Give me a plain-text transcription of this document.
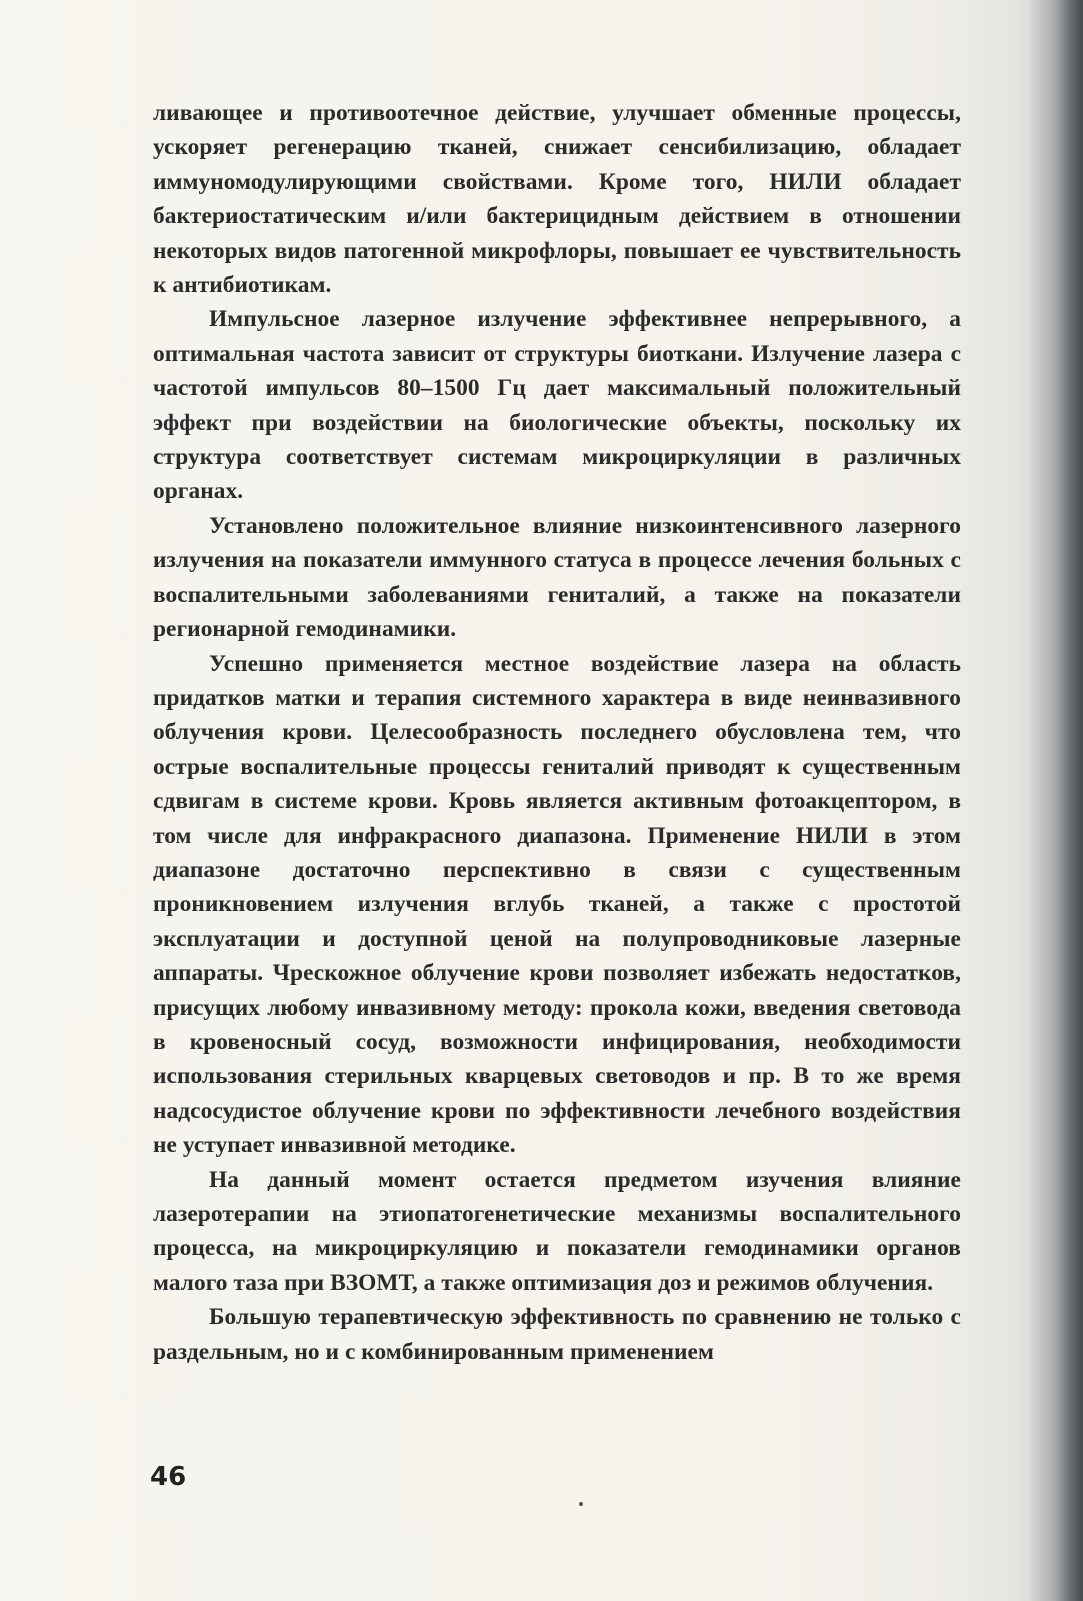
ливающее и противоотечное действие, улучшает обменные процессы, ускоряет регенерацию тканей, снижает сенсибилизацию, обладает иммуномодулирующими свойствами. Кроме того, НИЛИ обладает бактериостатическим и/или бактерицидным действием в отношении некоторых видов патогенной микрофлоры, повышает ее чувствительность к антибиотикам.

Импульсное лазерное излучение эффективнее непрерывного, а оптимальная частота зависит от структуры биоткани. Излучение лазера с частотой импульсов 80–1500 Гц дает максимальный положительный эффект при воздействии на биологические объекты, поскольку их структура соответствует системам микроциркуляции в различных органах.

Установлено положительное влияние низкоинтенсивного лазерного излучения на показатели иммунного статуса в процессе лечения больных с воспалительными заболеваниями гениталий, а также на показатели регионарной гемодинамики.

Успешно применяется местное воздействие лазера на область придатков матки и терапия системного характера в виде неинвазивного облучения крови. Целесообразность последнего обусловлена тем, что острые воспалительные процессы гениталий приводят к существенным сдвигам в системе крови. Кровь является активным фотоакцептором, в том числе для инфракрасного диапазона. Применение НИЛИ в этом диапазоне достаточно перспективно в связи с существенным проникновением излучения вглубь тканей, а также с простотой эксплуатации и доступной ценой на полупроводниковые лазерные аппараты. Чрескожное облучение крови позволяет избежать недостатков, присущих любому инвазивному методу: прокола кожи, введения световода в кровеносный сосуд, возможности инфицирования, необходимости использования стерильных кварцевых световодов и пр. В то же время надсосудистое облучение крови по эффективности лечебного воздействия не уступает инвазивной методике.

На данный момент остается предметом изучения влияние лазеротерапии на этиопатогенетические механизмы воспалительного процесса, на микроциркуляцию и показатели гемодинамики органов малого таза при ВЗОМТ, а также оптимизация доз и режимов облучения.

Большую терапевтическую эффективность по сравнению не только с раздельным, но и с комбинированным применением

46
